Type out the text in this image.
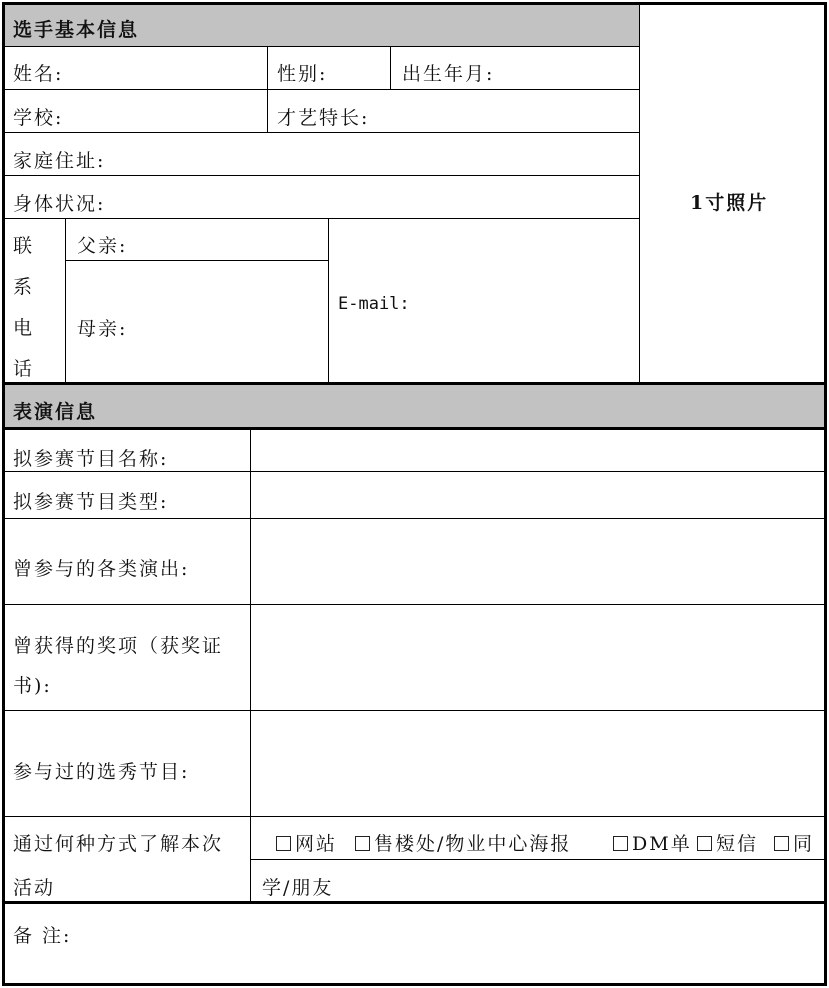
选手基本信息
姓名:	性别:	出生年月:
学校:	才艺特长:
家庭住址:
身体状况:
联
系
电
话
父亲:
母亲:
E-mail:
1寸照片
表演信息
拟参赛节目名称:
拟参赛节目类型:
曾参与的各类演出:
曾获得的奖项（获奖证
书):
参与过的选秀节目:
通过何种方式了解本次
活动
网站	售楼处/物业中心海报	DM单	短信	同
学/朋友
备 注:
